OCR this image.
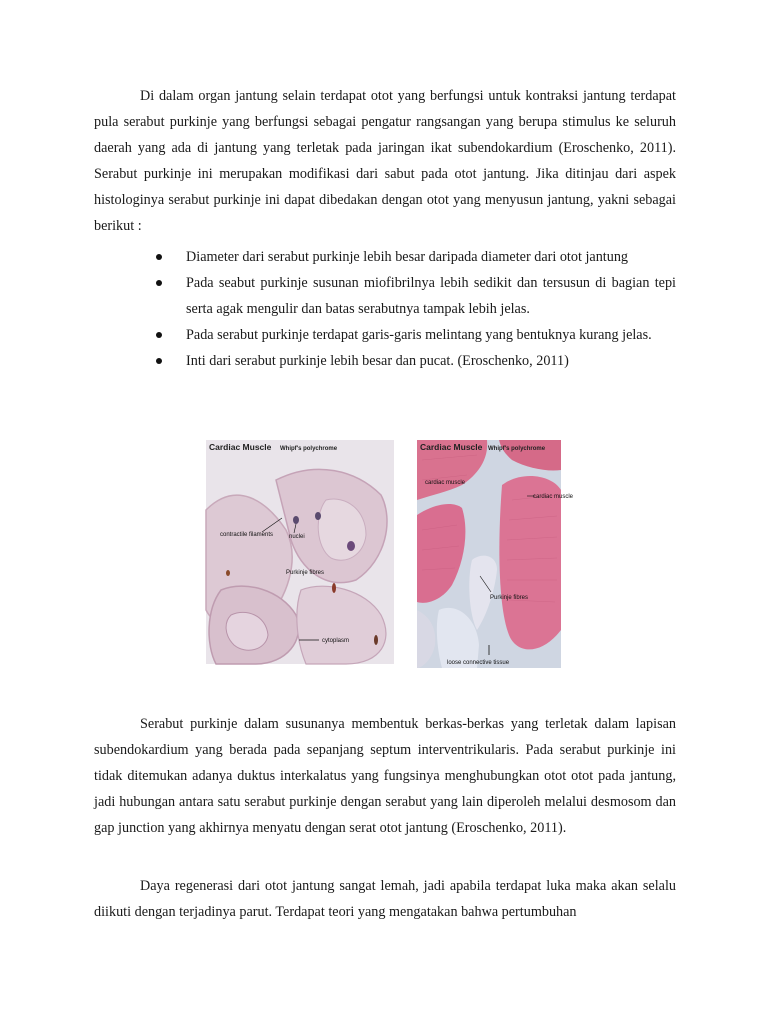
Di dalam organ jantung selain terdapat otot yang berfungsi untuk kontraksi jantung terdapat pula serabut purkinje yang berfungsi sebagai pengatur rangsangan yang berupa stimulus ke seluruh daerah yang ada di jantung yang terletak pada jaringan ikat subendokardium (Eroschenko, 2011). Serabut purkinje ini merupakan modifikasi dari sabut pada otot jantung. Jika ditinjau dari aspek histologinya serabut purkinje ini dapat dibedakan dengan otot yang menyusun jantung, yakni sebagai berikut :

Diameter dari serabut purkinje lebih besar daripada diameter dari otot jantung
Pada seabut purkinje susunan miofibrilnya lebih sedikit dan tersusun di bagian tepi serta agak mengulir dan batas serabutnya tampak lebih jelas.
Pada serabut purkinje terdapat garis-garis melintang yang bentuknya kurang jelas.
Inti dari serabut purkinje lebih besar dan pucat. (Eroschenko, 2011)
Cardiac Muscle Whipf's polychrome
contractile filaments	nuclei
Purkinje fibres
cytoplasm
Cardiac Muscle Whipf's polychrome
cardiac muscle
cardiac muscle
Purkinje fibres
loose connective tissue

Serabut purkinje dalam susunanya membentuk berkas-berkas yang terletak dalam lapisan subendokardium yang berada pada sepanjang septum interventrikularis. Pada serabut purkinje ini tidak ditemukan adanya duktus interkalatus yang fungsinya menghubungkan otot otot pada jantung, jadi hubungan antara satu serabut purkinje dengan serabut yang lain diperoleh melalui desmosom dan gap junction yang akhirnya menyatu dengan serat otot jantung (Eroschenko, 2011).

Daya regenerasi dari otot jantung sangat lemah, jadi apabila terdapat luka maka akan selalu diikuti dengan terjadinya parut. Terdapat teori yang mengatakan bahwa pertumbuhan
